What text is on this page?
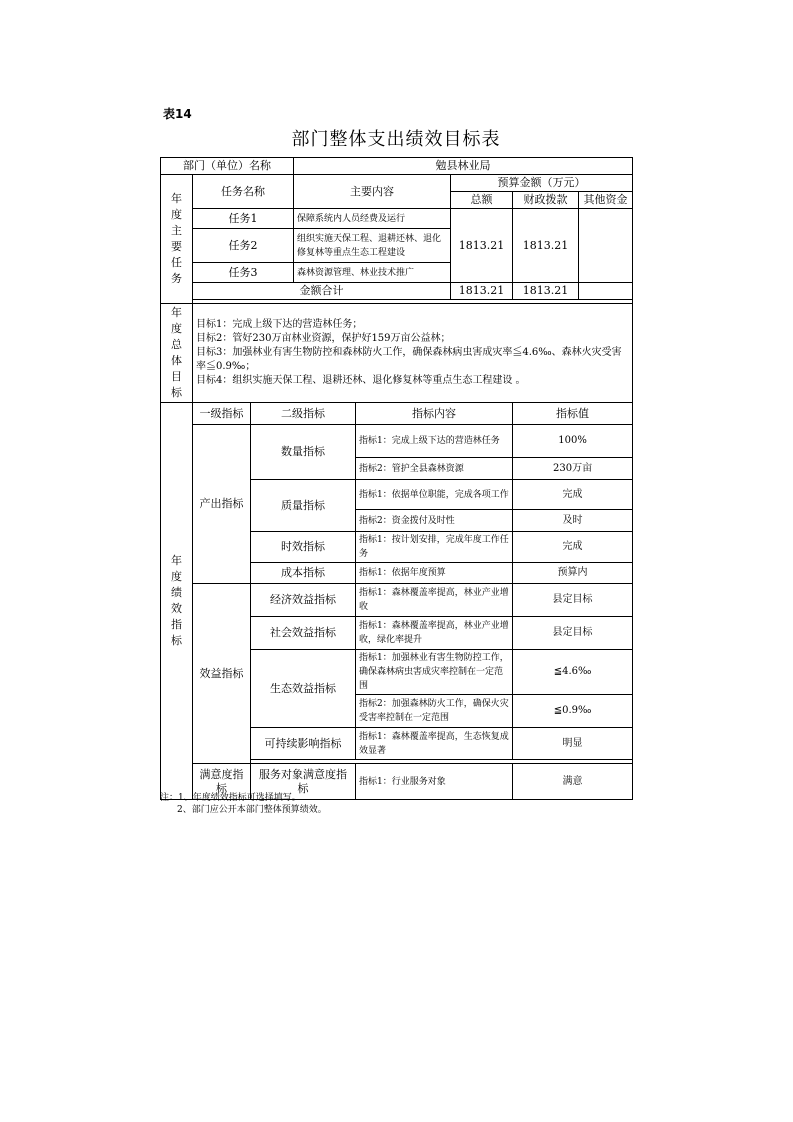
表14
部门整体支出绩效目标表
部门（单位）名称			勉县林业局				
年度主要任务	任务名称		主要内容		预算金额（万元）		
					总额	财政拨款	其他资金
	任务1		保障系统内人员经费及运行		1813.21	1813.21	
	任务2		组织实施天保工程、退耕还林、退化修复林等重点生态工程建设				
	任务3		森林资源管理、林业技术推广				
	金额合计				1813.21	1813.21	

年度总体目标	目标1：完成上级下达的营造林任务；
目标2：管好230万亩林业资源，保护好159万亩公益林；
目标3：加强林业有害生物防控和森林防火工作，确保森林病虫害成灾率≦4.6‰、森林火灾受害率≦0.9‰；
目标4：组织实施天保工程、退耕还林、退化修复林等重点生态工程建设 。						

年度绩效指标	一级指标	二级指标		指标内容		指标值	
	产出指标	数量指标		指标1：完成上级下达的营造林任务		100%	
				指标2：管护全县森林资源		230万亩	
		质量指标		指标1：依据单位职能，完成各项工作		完成	
				指标2：资金拨付及时性		及时	
		时效指标		指标1：按计划安排，完成年度工作任务		完成	
		成本指标		指标1：依据年度预算		预算内	
	效益指标	经济效益指标		指标1：森林覆盖率提高，林业产业增收		县定目标	
		社会效益指标		指标1：森林覆盖率提高，林业产业增收，绿化率提升		县定目标	
		生态效益指标		指标1：加强林业有害生物防控工作，确保森林病虫害成灾率控制在一定范围		≦4.6‰	
				指标2：加强森林防火工作，确保火灾受害率控制在一定范围		≦0.9‰	
		可持续影响指标		指标1：森林覆盖率提高，生态恢复成效显著		明显	

	满意度指标	服务对象满意度指标		指标1：行业服务对象		满意	
注：1、年度绩效指标可选择填写。
2、部门应公开本部门整体预算绩效。
